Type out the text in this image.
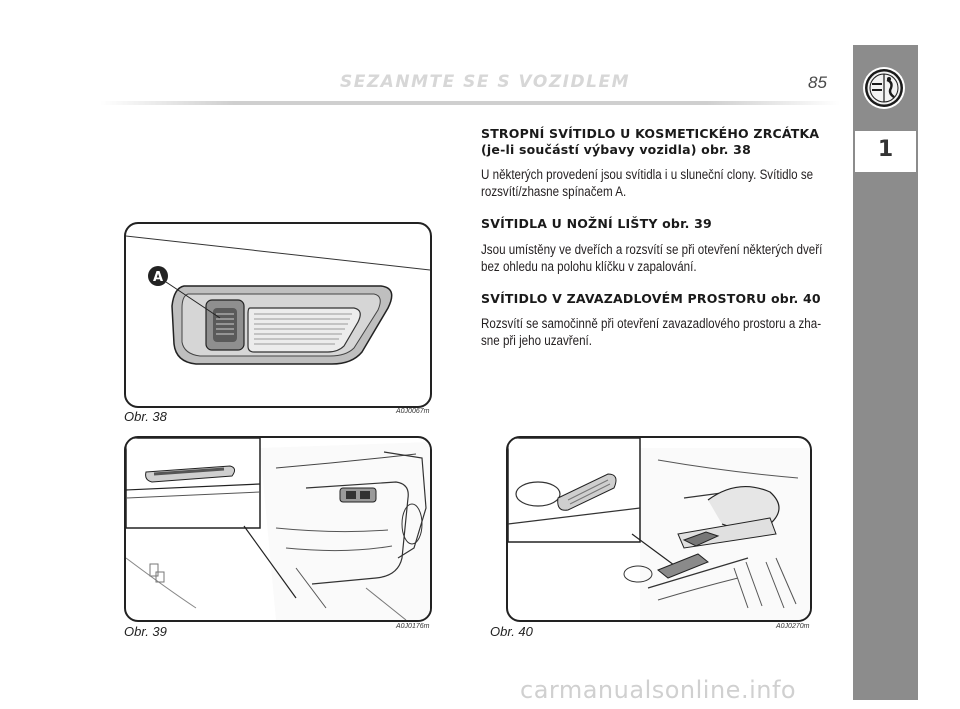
SEZANMTE SE S VOZIDLEM	85
1

STROPNÍ SVÍTIDLO U KOSMETICKÉHO ZRCÁTKA

(je-li součástí výbavy vozidla) obr. 38

U některých provedení jsou svítidla i u sluneční clony. Svítidlo se

rozsvítí/zhasne spínačem A.

SVÍTIDLA U NOŽNÍ LIŠTY obr. 39

Jsou umístěny ve dveřích a rozsvítí se při otevření některých dveří

bez ohledu na polohu klíčku v zapalování.

SVÍTIDLO V ZAVAZADLOVÉM PROSTORU obr. 40

Rozsvítí se samočinně při otevření zavazadlového prostoru a zha-

sne při jeho uzavření.

A
Obr. 38	A0J0067m
Obr. 39	A0J0176m	Obr. 40	A0J0270m
carmanualsonline.info
